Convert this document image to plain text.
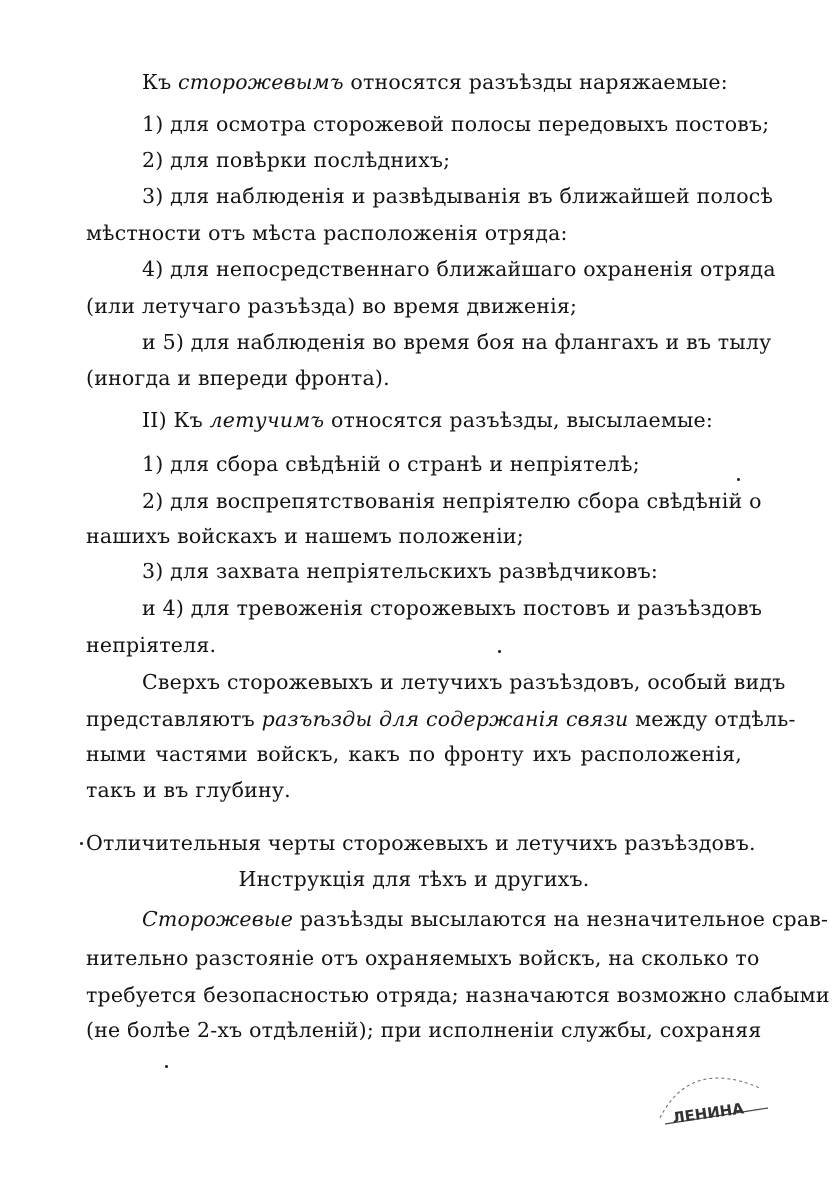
Къ сторожевымъ относятся разъѣзды наряжаемые:
1) для осмотра сторожевой полосы передовыхъ постовъ;
2) для повѣрки послѣднихъ;
3) для наблюденія и развѣдыванія въ ближайшей полосѣ
мѣстности отъ мѣста расположенія отряда:
4) для непосредственнаго ближайшаго охраненія отряда
(или летучаго разъѣзда) во время движенія;
и 5) для наблюденія во время боя на флангахъ и въ тылу
(иногда и впереди фронта).
II) Къ летучимъ относятся разъѣзды, высылаемые:
1) для сбора свѣдѣній о странѣ и непріятелѣ;
2) для воспрепятствованія непріятелю сбора свѣдѣній о
нашихъ войскахъ и нашемъ положеніи;
3) для захвата непріятельскихъ развѣдчиковъ:
и 4) для тревоженія сторожевыхъ постовъ и разъѣздовъ
непріятеля.
Сверхъ сторожевыхъ и летучихъ разъѣздовъ, особый видъ
представляютъ разъѣзды для содержанія связи между отдѣль-
ными частями войскъ, какъ по фронту ихъ расположенія,
такъ и въ глубину.
Отличительныя черты сторожевыхъ и летучихъ разъѣздовъ.
Инструкція для тѣхъ и другихъ.
Сторожевые разъѣзды высылаются на незначительное срав-
нительно разстояніе отъ охраняемыхъ войскъ, на сколько то
требуется безопасностью отряда; назначаются возможно слабыми
(не болѣе 2-хъ отдѣленій); при исполненіи службы, сохраняя
ЛЕНИНА
